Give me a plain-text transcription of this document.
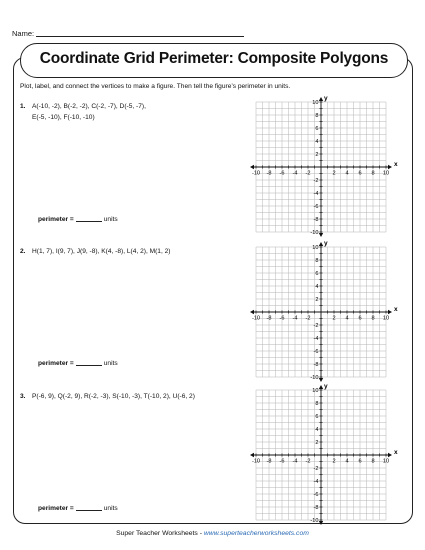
Name:
Coordinate Grid Perimeter: Composite Polygons
Plot, label, and connect the vertices to make a figure. Then tell the figure’s perimeter in units.
1. A(-10, -2), B(-2, -2), C(-2, -7), D(-5, -7),
E(-5, -10), F(-10, -10)
perimeter =	units
x
y
-10 -8 -6 -4 -2	2 4 6 8 10
10
8
6
4
2
-2
-4
-6
-8
-10
2. H(1, 7), I(9, 7), J(9, -8), K(4, -8), L(4, 2), M(1, 2)
perimeter =	units
x
y
-10 -8 -6 -4 -2	2 4 6 8 10
10
8
6
4
2
-2
-4
-6
-8
-10
3. P(-6, 9), Q(-2, 9), R(-2, -3), S(-10, -3), T(-10, 2), U(-6, 2)
perimeter =	units
x
y
-10 -8 -6 -4 -2	2 4 6 8 10
10
8
6
4
2
-2
-4
-6
-8
-10
Super Teacher Worksheets - www.superteacherworksheets.com
